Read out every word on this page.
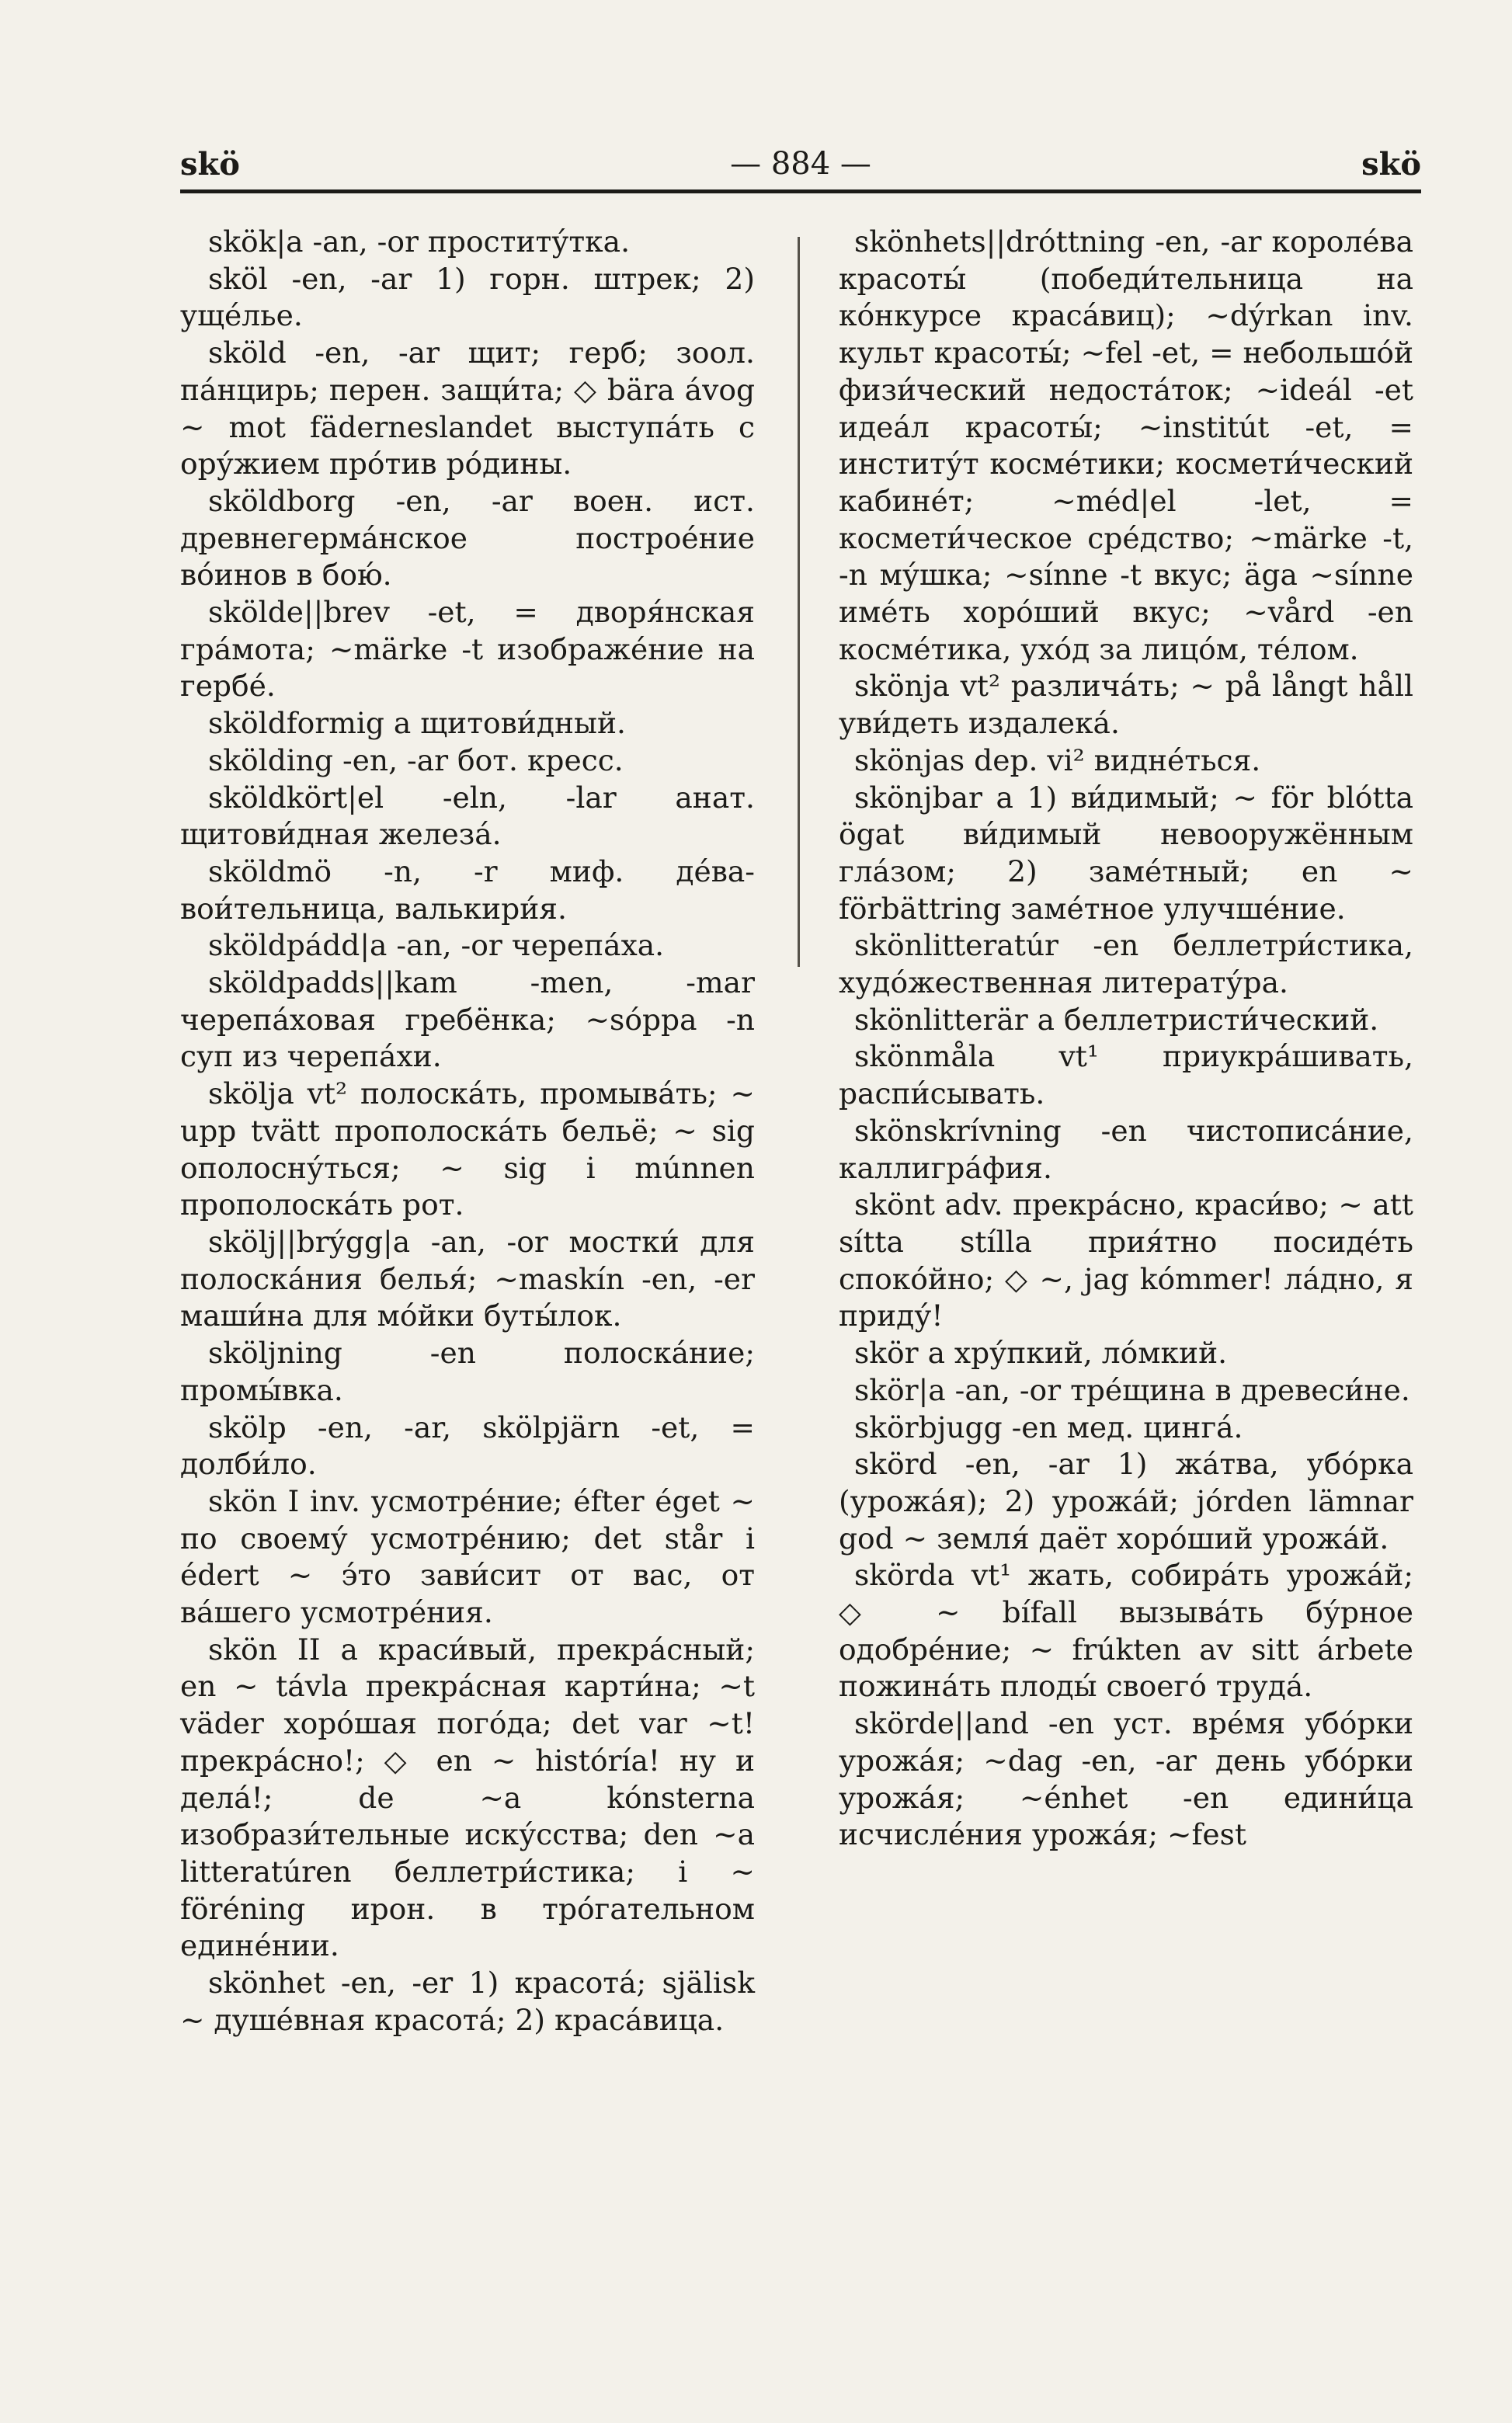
skö	— 884 —	skö

skök|a -an, -or проститу́тка.

sköl -en, -ar 1) горн. штрек; 2) уще́лье.

sköld -en, -ar щит; герб; зоол. па́нцирь; перен. защи́та; ◇ bära ávog ~ mot fäderneslandet выступа́ть с ору́жием про́тив ро́дины.

sköldborg -en, -ar воен. ист. древнегерма́нское построе́ние во́инов в бою́.

sköldе||brev -et, = дворя́нская гра́мота; ~märke -t изображе́ние на гербе́.

sköldformig a щитови́дный.

sköldіng -en, -ar бот. кресс.

sköldkört|el -eln, -lar анат. щитови́дная железа́.

sköldmö -n, -r миф. де́ва-вои́тельница, валькири́я.

sköldpádd|a -an, -or черепа́ха.

sköldpadds||kam -men, -mar черепа́ховая гребёнка; ~sóppa -n суп из черепа́хи.

skölja vt² полоска́ть, промыва́ть; ~ upp tvätt прополоска́ть бельё; ~ sig ополосну́ться; ~ sig i múnnen прополоска́ть рот.

skölj||brýgg|a -an, -or мостки́ для полоска́ния белья́; ~maskín -en, -er маши́на для мо́йки буты́лок.

sköljning -en полоска́ние; промы́вка.

skölp -en, -ar, skölpjärn -et, = долби́ло.

skön I inv. усмотре́ние; éfter éget ~ по своему́ усмотре́нию; det står i édert ~ э́то зави́сит от вас, от ва́шего усмотре́ния.

skön II a краси́вый, прекра́сный; en ~ távla прекра́сная карти́на; ~t väder хоро́шая пого́да; det var ~t! прекра́сно!; ◇ en ~ históría! ну и дела́!; de ~a kónsterna изобрази́тельные иску́сства; den ~a litteratúren беллетри́стика; i ~ föréning ирон. в тро́гательном едине́нии.

skönhet -en, -er 1) красота́; själisk ~ душе́вная красота́; 2) краса́вица.

skönhets||dróttning -en, -ar короле́ва красоты́ (победи́тельница на ко́нкурсе краса́виц); ~dýrkan inv. культ красоты́; ~fel -et, = небольшо́й физи́ческий недоста́ток; ~ideál -et идеа́л красоты́; ~institút -et, = институ́т косме́тики; космети́ческий кабине́т; ~méd|el -let, = космети́ческое сре́дство; ~märke -t, -n му́шка; ~sínne -t вкус; äga ~sínne име́ть хоро́ший вкус; ~vård -en косме́тика, ухо́д за лицо́м, те́лом.

skönja vt² различа́ть; ~ på långt håll уви́деть издалека́.

skönjas dep. vi² видне́ться.

skönjbar a 1) ви́димый; ~ för blótta ögat ви́димый невооружённым гла́зом; 2) заме́тный; en ~ förbättring заме́тное улучше́ние.

skönlitteratúr -en беллетри́стика, худо́жественная литерату́ра.

skönlitterär a беллетристи́ческий.

skönmåla vt¹ приукра́шивать, распи́сывать.

skönskrívning -en чистописа́ние, каллигра́фия.

skönt adv. прекра́сно, краси́во; ~ att sítta stílla прия́тно посиде́ть споко́йно; ◇ ~, jag kómmer! ла́дно, я приду́!

skör a хру́пкий, ло́мкий.

skör|a -an, -or тре́щина в древеси́не.

skörbjugg -en мед. цинга́.

skörd -en, -ar 1) жа́тва, убо́рка (урожа́я); 2) урожа́й; jórden lämnar god ~ земля́ даёт хоро́ший урожа́й.

skörda vt¹ жать, собира́ть урожа́й; ◇ ~ bífall вызыва́ть бу́рное одобре́ние; ~ frúkten av sitt árbete пожина́ть плоды́ своего́ труда́.

skörde||and -en уст. вре́мя убо́рки урожа́я; ~dag -en, -ar день убо́рки урожа́я; ~énhet -en едини́ца исчисле́ния урожа́я; ~fest
